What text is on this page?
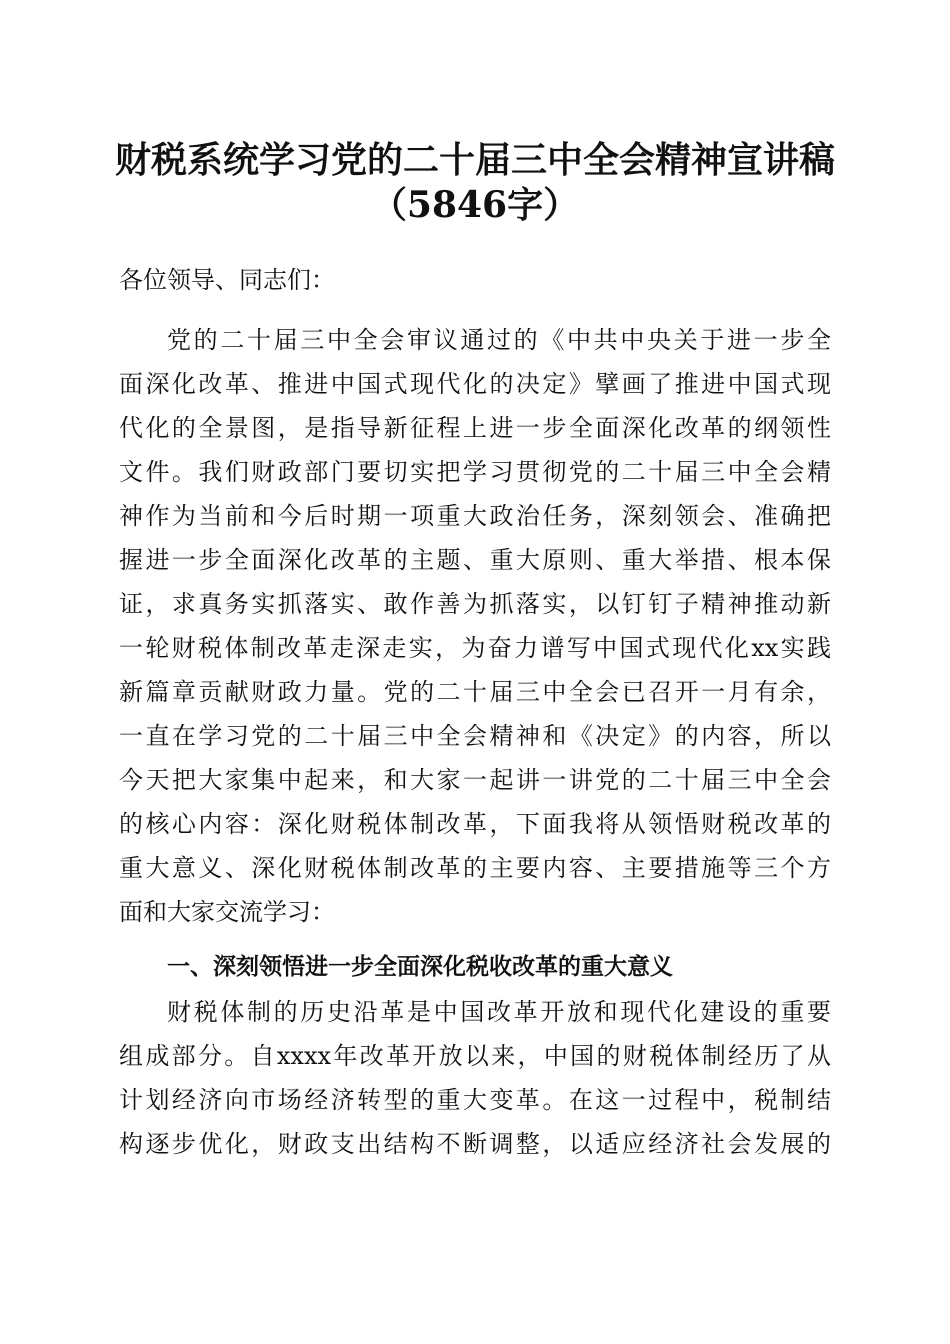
财税系统学习党的二十届三中全会精神宣讲稿
（5846字）
各位领导、同志们：
党的二十届三中全会审议通过的《中共中央关于进一步全
面深化改革、推进中国式现代化的决定》擘画了推进中国式现
代化的全景图，是指导新征程上进一步全面深化改革的纲领性
文件。我们财政部门要切实把学习贯彻党的二十届三中全会精
神作为当前和今后时期一项重大政治任务，深刻领会、准确把
握进一步全面深化改革的主题、重大原则、重大举措、根本保
证，求真务实抓落实、敢作善为抓落实，以钉钉子精神推动新
一轮财税体制改革走深走实，为奋力谱写中国式现代化xx实践
新篇章贡献财政力量。党的二十届三中全会已召开一月有余，
一直在学习党的二十届三中全会精神和《决定》的内容，所以
今天把大家集中起来，和大家一起讲一讲党的二十届三中全会
的核心内容：深化财税体制改革，下面我将从领悟财税改革的
重大意义、深化财税体制改革的主要内容、主要措施等三个方
面和大家交流学习：
一、深刻领悟进一步全面深化税收改革的重大意义
财税体制的历史沿革是中国改革开放和现代化建设的重要
组成部分。自xxxx年改革开放以来，中国的财税体制经历了从
计划经济向市场经济转型的重大变革。在这一过程中，税制结
构逐步优化，财政支出结构不断调整，以适应经济社会发展的
